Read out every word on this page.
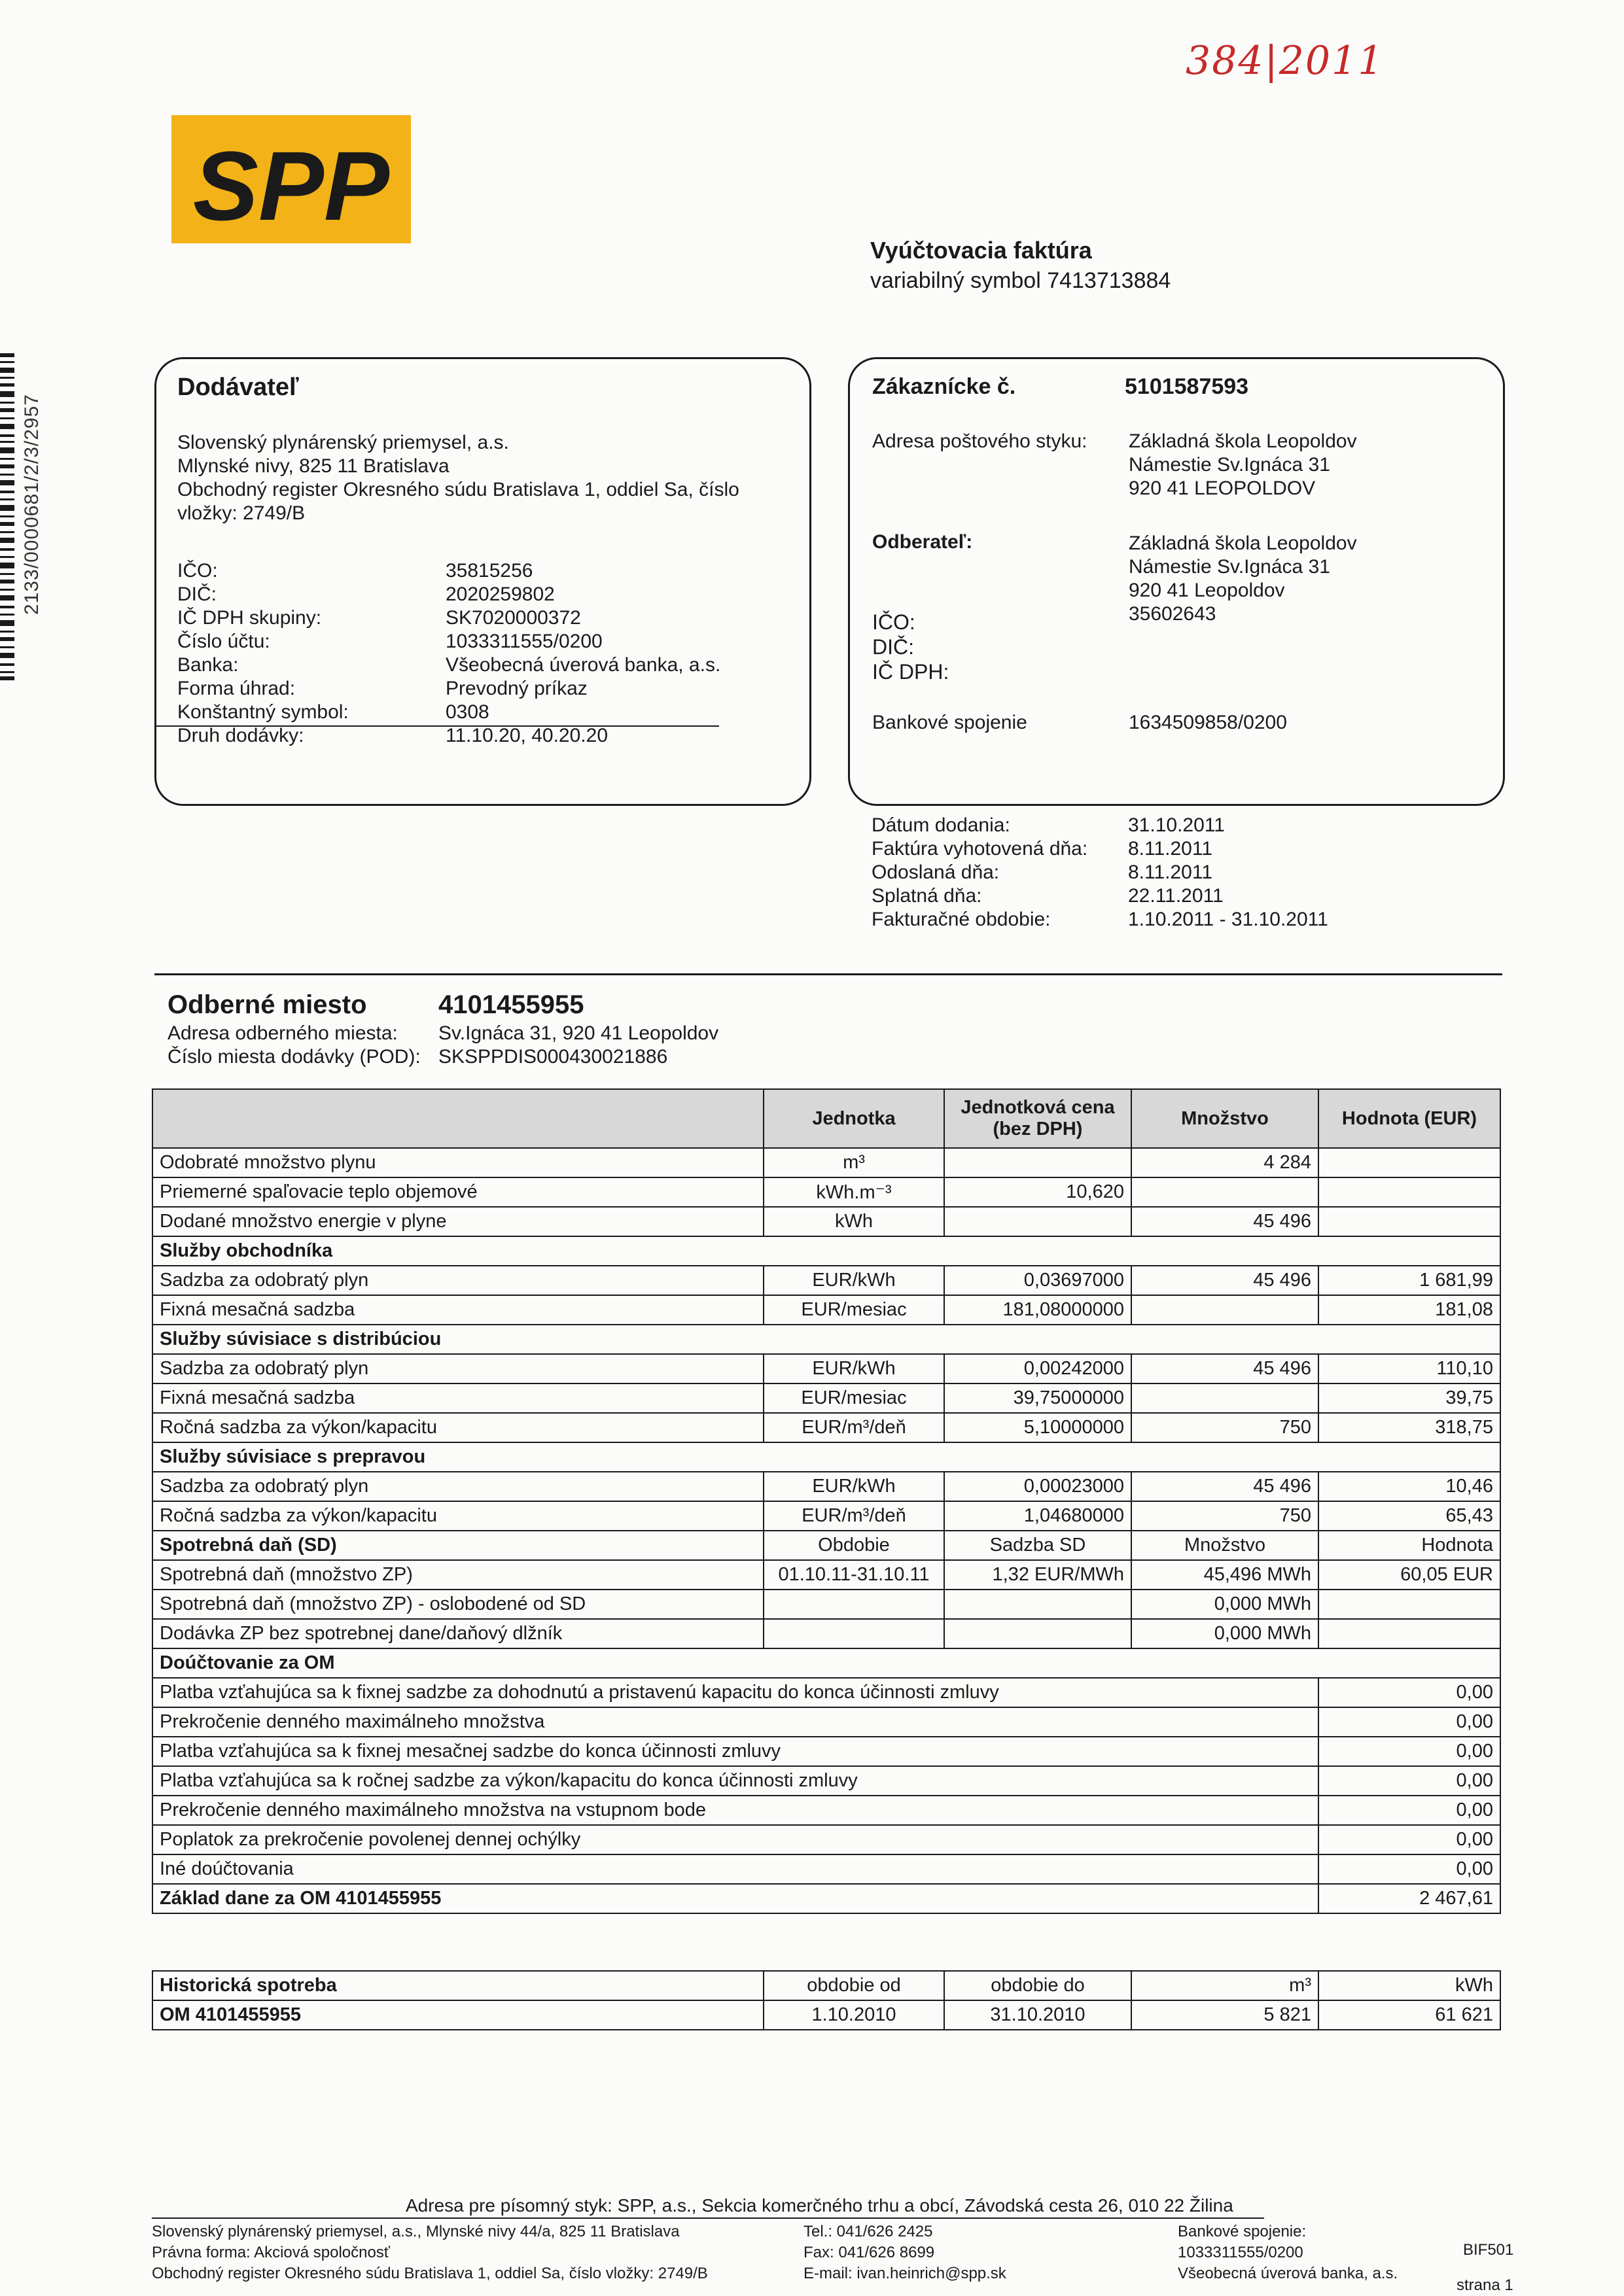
384|2011
SPP
2133/0000681/2/3/2957
Vyúčtovacia faktúra
variabilný symbol 7413713884
Dodávateľ
Slovenský plynárenský priemysel, a.s.
Mlynské nivy, 825 11 Bratislava
Obchodný register Okresného súdu Bratislava 1, oddiel Sa, číslo
vložky: 2749/B
IČO:	35815256
DIČ:	2020259802
IČ DPH skupiny:	SK7020000372
Číslo účtu:	1033311555/0200
Banka:	Všeobecná úverová banka, a.s.
Forma úhrad:	Prevodný príkaz
Konštantný symbol:	0308
Druh dodávky:	11.10.20, 40.20.20
Zákaznícke č.	5101587593
Adresa poštového styku: Základná škola Leopoldov
Námestie Sv.Ignáca 31
920 41 LEOPOLDOV
Odberateľ:	Základná škola Leopoldov
Námestie Sv.Ignáca 31
920 41 Leopoldov
IČO:	35602643
DIČ:
IČ DPH:
Bankové spojenie	1634509858/0200
Dátum dodania:	31.10.2011
Faktúra vyhotovená dňa: 8.11.2011
Odoslaná dňa:	8.11.2011
Splatná dňa:	22.11.2011
Fakturačné obdobie:	1.10.2011 - 31.10.2011
Odberné miesto	4101455955
Adresa odberného miesta: Sv.Ignáca 31, 920 41 Leopoldov
Číslo miesta dodávky (POD): SKSPPDIS000430021886
	Jednotka	Jednotková cena (bez DPH)	Množstvo	Hodnota (EUR)
Odobraté množstvo plynu	m³		4 284	
Priemerné spaľovacie teplo objemové	kWh.m⁻³	10,620		
Dodané množstvo energie v plyne	kWh		45 496	
Služby obchodníka				
Sadzba za odobratý plyn	EUR/kWh	0,03697000	45 496	1 681,99
Fixná mesačná sadzba	EUR/mesiac	181,08000000		181,08
Služby súvisiace s distribúciou				
Sadzba za odobratý plyn	EUR/kWh	0,00242000	45 496	110,10
Fixná mesačná sadzba	EUR/mesiac	39,75000000		39,75
Ročná sadzba za výkon/kapacitu	EUR/m³/deň	5,10000000	750	318,75
Služby súvisiace s prepravou				
Sadzba za odobratý plyn	EUR/kWh	0,00023000	45 496	10,46
Ročná sadzba za výkon/kapacitu	EUR/m³/deň	1,04680000	750	65,43
Spotrebná daň (SD)	Obdobie	Sadzba SD	Množstvo	Hodnota
Spotrebná daň (množstvo ZP)	01.10.11-31.10.11	1,32 EUR/MWh	45,496 MWh	60,05 EUR
Spotrebná daň (množstvo ZP) - oslobodené od SD			0,000 MWh	
Dodávka ZP bez spotrebnej dane/daňový dlžník			0,000 MWh	
Doúčtovanie za OM				
Platba vzťahujúca sa k fixnej sadzbe za dohodnutú a pristavenú kapacitu do konca účinnosti zmluvy				0,00
Prekročenie denného maximálneho množstva				0,00
Platba vzťahujúca sa k fixnej mesačnej sadzbe do konca účinnosti zmluvy				0,00
Platba vzťahujúca sa k ročnej sadzbe za výkon/kapacitu do konca účinnosti zmluvy				0,00
Prekročenie denného maximálneho množstva na vstupnom bode				0,00
Poplatok za prekročenie povolenej dennej ochýlky				0,00
Iné doúčtovania				0,00
Základ dane za OM 4101455955				2 467,61
Historická spotreba	obdobie od	obdobie do	m³	kWh
OM 4101455955	1.10.2010	31.10.2010	5 821	61 621
Adresa pre písomný styk: SPP, a.s., Sekcia komerčného trhu a obcí, Závodská cesta 26, 010 22 Žilina
Slovenský plynárenský priemysel, a.s., Mlynské nivy 44/a, 825 11 Bratislava
Právna forma: Akciová spoločnosť
Obchodný register Okresného súdu Bratislava 1, oddiel Sa, číslo vložky: 2749/B
Tel.: 041/626 2425
Fax: 041/626 8699
E-mail: ivan.heinrich@spp.sk
Bankové spojenie:
1033311555/0200
Všeobecná úverová banka, a.s.
BIF501
strana 1
